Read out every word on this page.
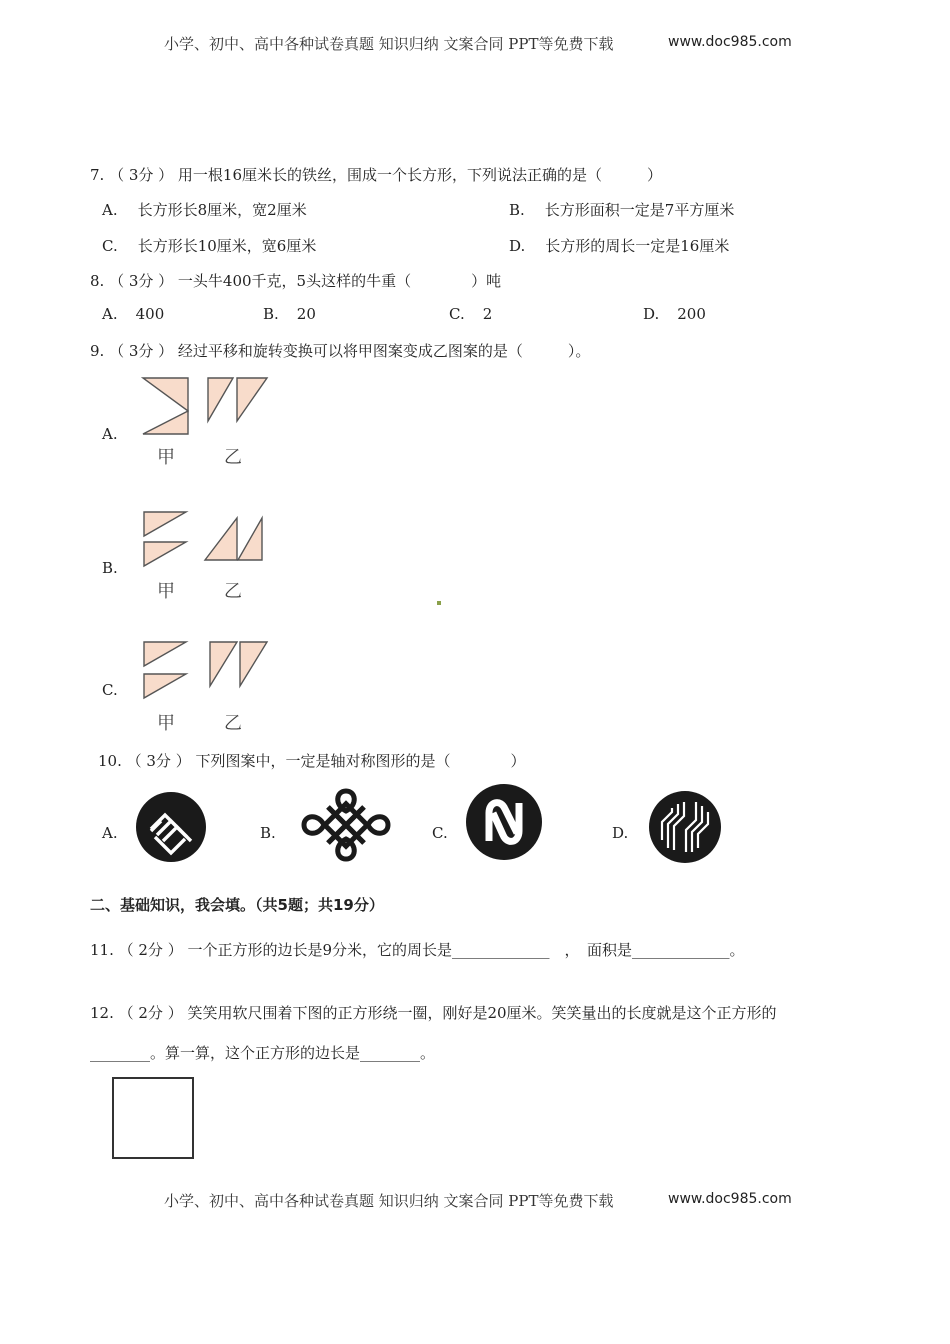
小学、初中、高中各种试卷真题 知识归纳 文案合同 PPT等免费下载	www.doc985.com
7. （ 3分 ） 用一根16厘米长的铁丝，围成一个长方形，下列说法正确的是（　　　）
A. 长方形长8厘米，宽2厘米	B. 长方形面积一定是7平方厘米
C. 长方形长10厘米，宽6厘米	D. 长方形的周长一定是16厘米
8. （ 3分 ） 一头牛400千克，5头这样的牛重（　　　　）吨
A. 400	B. 20	C. 2	D. 200
9. （ 3分 ） 经过平移和旋转变换可以将甲图案变成乙图案的是（　　　）。
A.
甲	乙
B.
甲	乙
C.
甲	乙
10. （ 3分 ） 下列图案中，一定是轴对称图形的是（　　　　）
A.	B.	C.	D.
二、基础知识，我会填。（共5题；共19分）
11. （ 2分 ） 一个正方形的边长是9分米，它的周长是_____________　，　面积是_____________。
12. （ 2分 ） 笑笑用软尺围着下图的正方形绕一圈，刚好是20厘米。笑笑量出的长度就是这个正方形的
________。算一算，这个正方形的边长是________。
小学、初中、高中各种试卷真题 知识归纳 文案合同 PPT等免费下载	www.doc985.com
